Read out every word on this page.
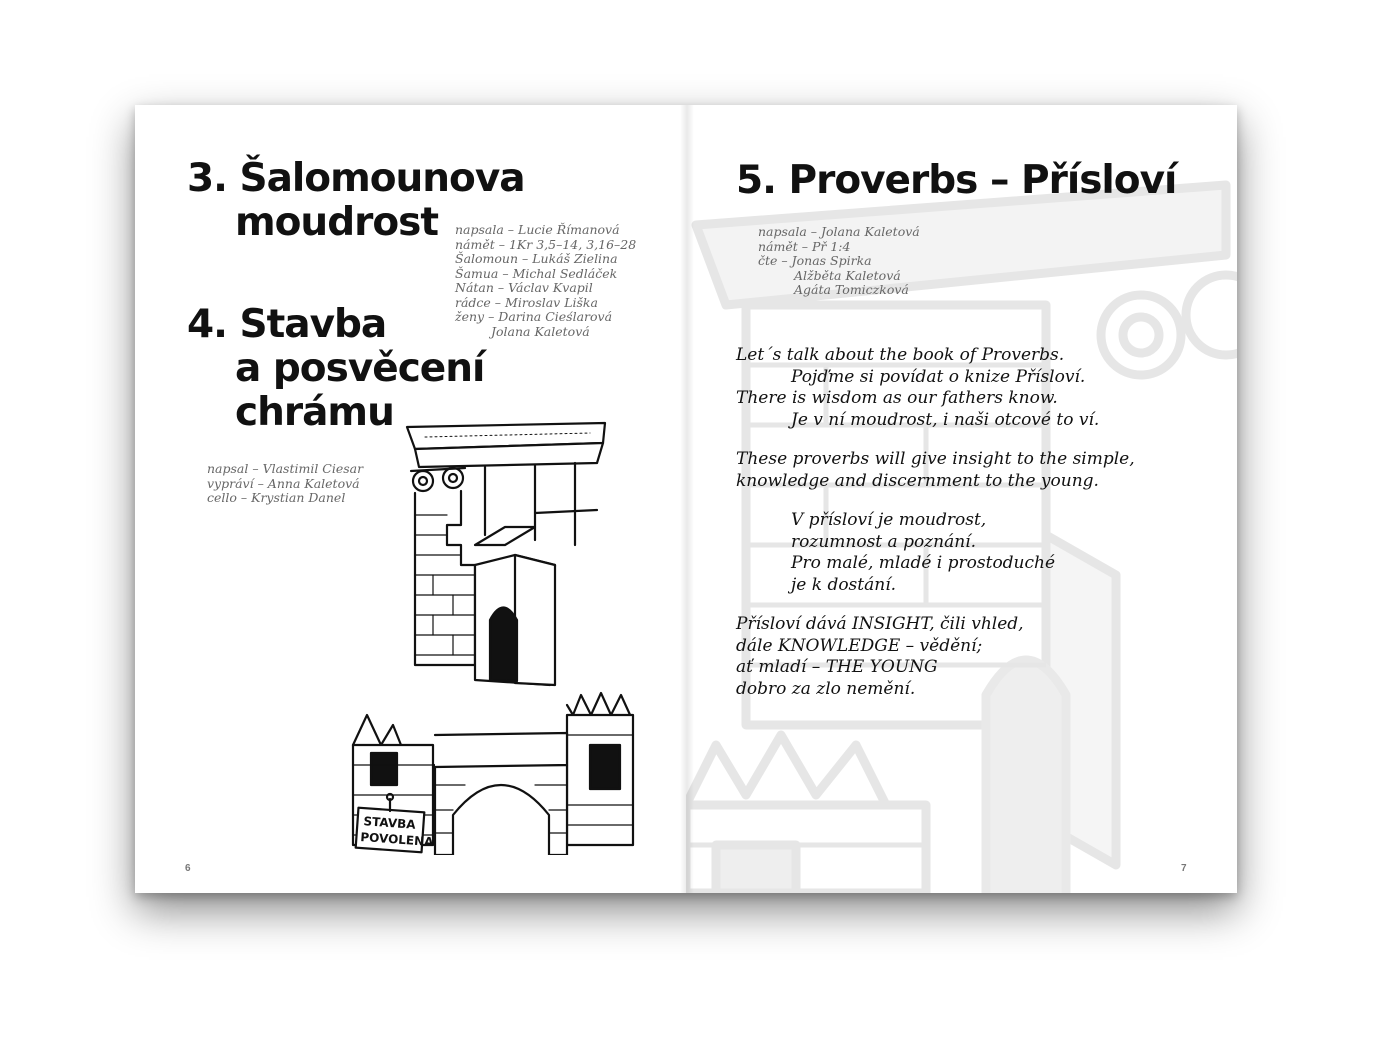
3. Šalomounova
moudrost	napsala – Lucie Římanová
námět – 1Kr 3,5–14, 3,16–28
Šalomoun – Lukáš Zielina
Šamua – Michal Sedláček
Nátan – Václav Kvapil
rádce – Miroslav Liška
ženy – Darina Cieślarová
Jolana Kaletová
4. Stavba
a posvěcení
chrámu
napsal – Vlastimil Ciesar
vypráví – Anna Kaletová
cello – Krystian Danel
STAVBA
POVOLENA
6
5. Proverbs – Přísloví
napsala – Jolana Kaletová
námět – Př 1:4
čte – Jonas Spirka
Alžběta Kaletová
Agáta Tomiczková

Let´s talk about the book of Proverbs.
Pojďme si povídat o knize Přísloví.
There is wisdom as our fathers know.
Je v ní moudrost, i naši otcové to ví.

These proverbs will give insight to the simple,
knowledge and discernment to the young.

V přísloví je moudrost,
rozumnost a poznání.
Pro malé, mladé i prostoduché
je k dostání.

Přísloví dává INSIGHT, čili vhled,
dále KNOWLEDGE – vědění;
ať mladí – THE YOUNG
dobro za zlo nemění.

7
